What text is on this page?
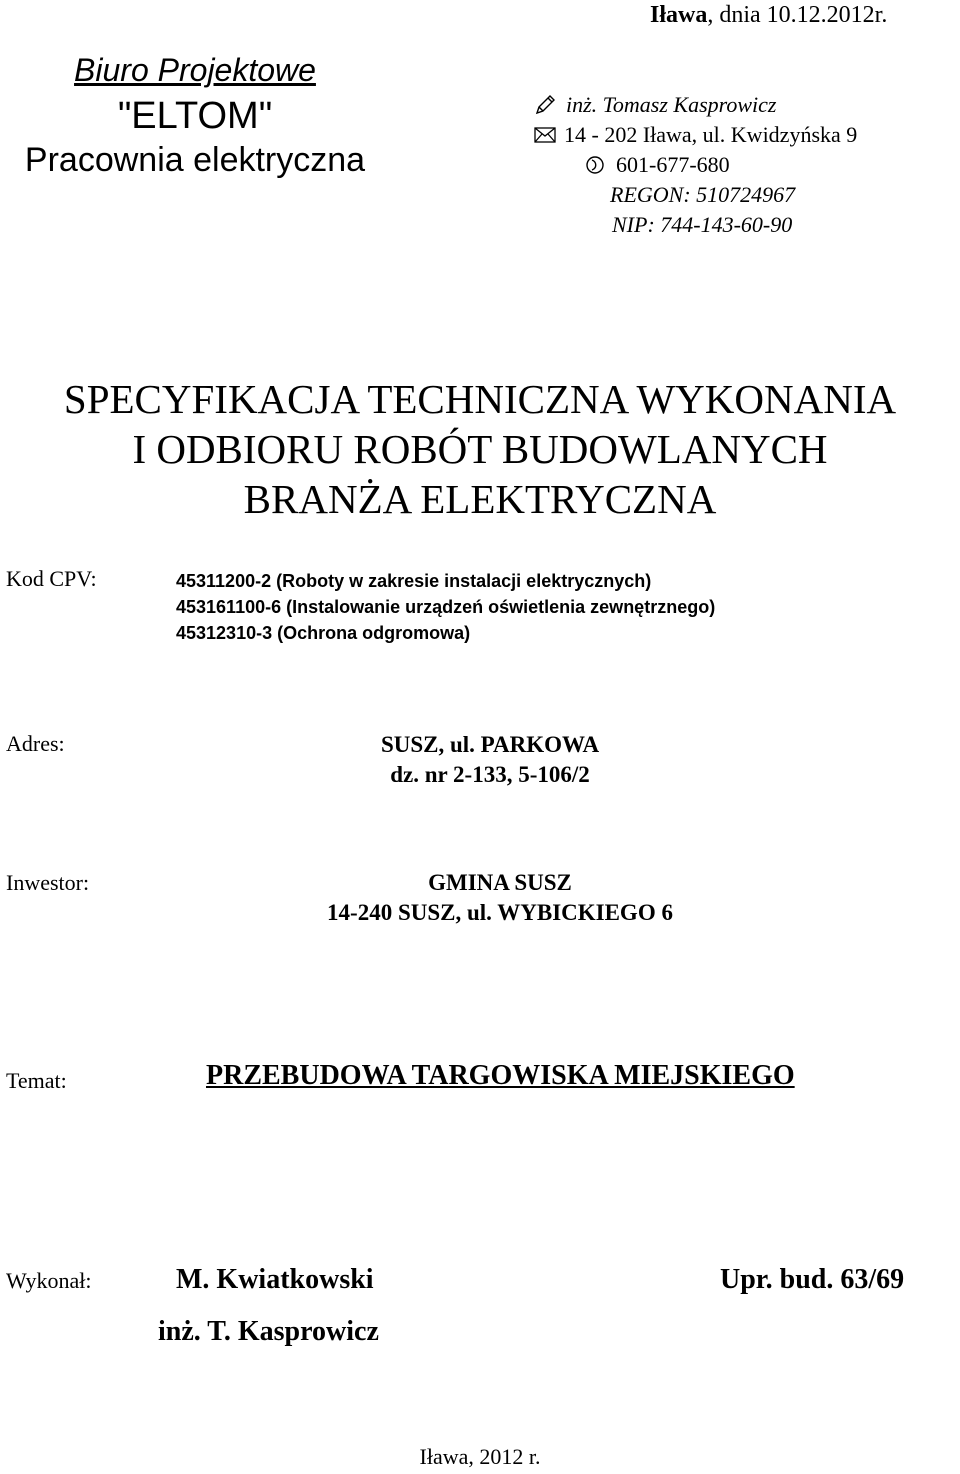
Iława, dnia 10.12.2012r.
Biuro Projektowe
"ELTOM"
Pracownia elektryczna
inż. Tomasz Kasprowicz
14 - 202 Iława, ul. Kwidzyńska 9
601-677-680
REGON: 510724967
NIP: 744-143-60-90
SPECYFIKACJA TECHNICZNA WYKONANIA
I ODBIORU ROBÓT BUDOWLANYCH
BRANŻA ELEKTRYCZNA
Kod CPV:	45311200-2 (Roboty w zakresie instalacji elektrycznych)
453161100-6 (Instalowanie urządzeń oświetlenia zewnętrznego)
45312310-3 (Ochrona odgromowa)
Adres:	SUSZ, ul. PARKOWA
dz. nr 2-133, 5-106/2
Inwestor:	GMINA SUSZ
14-240 SUSZ, ul. WYBICKIEGO 6
Temat:	PRZEBUDOWA TARGOWISKA MIEJSKIEGO
Wykonał:	M. Kwiatkowski	Upr. bud. 63/69
inż. T. Kasprowicz
Iława, 2012 r.
